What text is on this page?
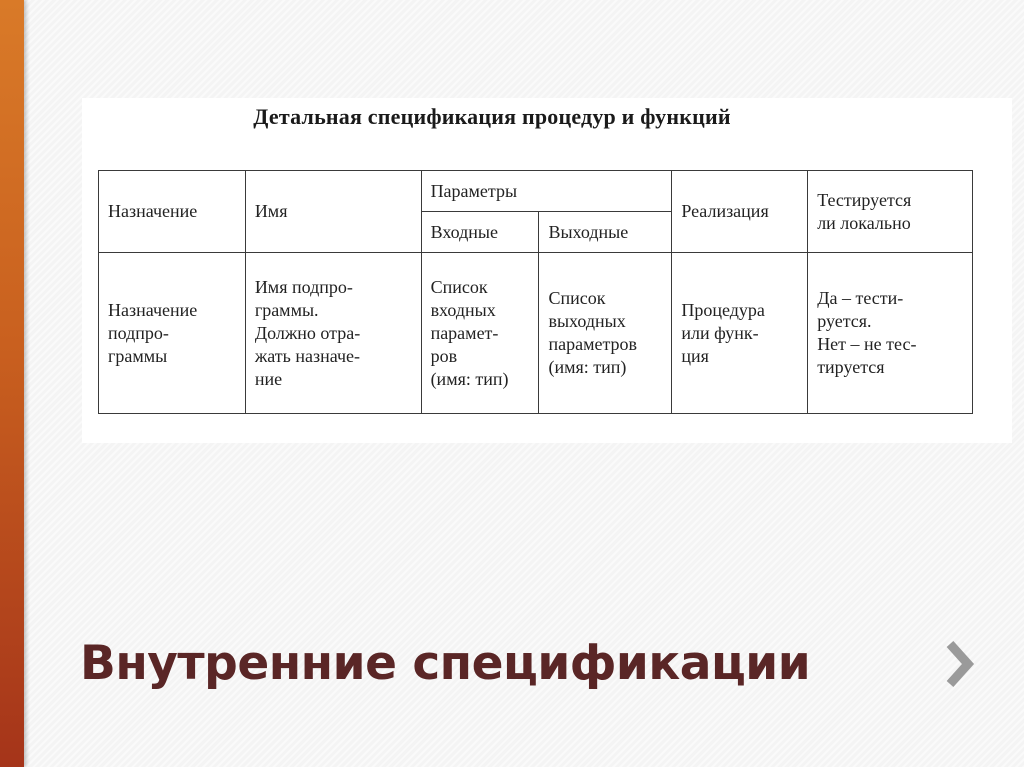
Детальная спецификация процедур и функций
Назначение	Имя	Параметры		Реализация	Тестируется
ли локально

		Входные	Выходные		

Назначение
подпро-
граммы	Имя подпро-
граммы.
Должно отра-
жать назначе-
ние	Список
входных
парамет-
ров
(имя: тип)	Список
выходных
параметров
(имя: тип)	Процедура
или функ-
ция	Да – тести-
руется.
Нет – не тес-
тируется
Внутренние спецификации
